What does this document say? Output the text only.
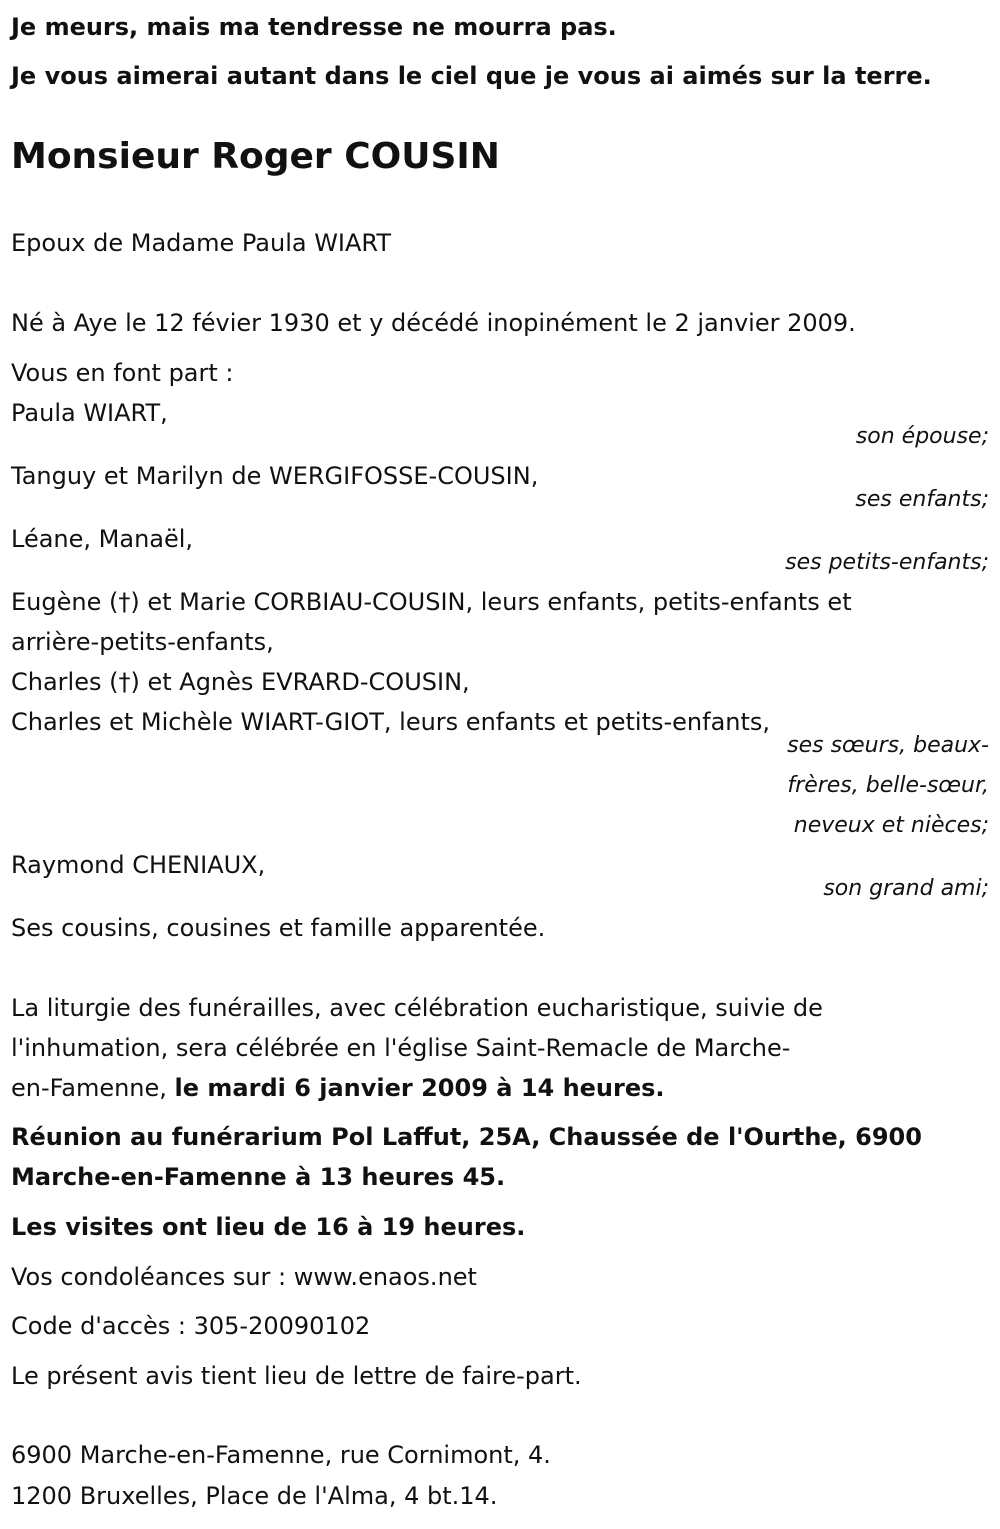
Je meurs, mais ma tendresse ne mourra pas.
Je vous aimerai autant dans le ciel que je vous ai aimés sur la terre.
Monsieur Roger COUSIN
Epoux de Madame Paula WIART
Né à Aye le 12 févier 1930 et y décédé inopinément le 2 janvier 2009.
Vous en font part :
Paula WIART,
son épouse;
Tanguy et Marilyn de WERGIFOSSE-COUSIN,
ses enfants;
Léane, Manaël,
ses petits-enfants;
Eugène (†) et Marie CORBIAU-COUSIN, leurs enfants, petits-enfants et
arrière-petits-enfants,
Charles (†) et Agnès EVRARD-COUSIN,
Charles et Michèle WIART-GIOT, leurs enfants et petits-enfants,
ses sœurs, beaux-
frères, belle-sœur,
neveux et nièces;
Raymond CHENIAUX,
son grand ami;
Ses cousins, cousines et famille apparentée.
La liturgie des funérailles, avec célébration eucharistique, suivie de
l'inhumation, sera célébrée en l'église Saint-Remacle de Marche-
en-Famenne, le mardi 6 janvier 2009 à 14 heures.
Réunion au funérarium Pol Laffut, 25A, Chaussée de l'Ourthe, 6900
Marche-en-Famenne à 13 heures 45.
Les visites ont lieu de 16 à 19 heures.
Vos condoléances sur : www.enaos.net
Code d'accès : 305-20090102
Le présent avis tient lieu de lettre de faire-part.
6900 Marche-en-Famenne, rue Cornimont, 4.
1200 Bruxelles, Place de l'Alma, 4 bt.14.
